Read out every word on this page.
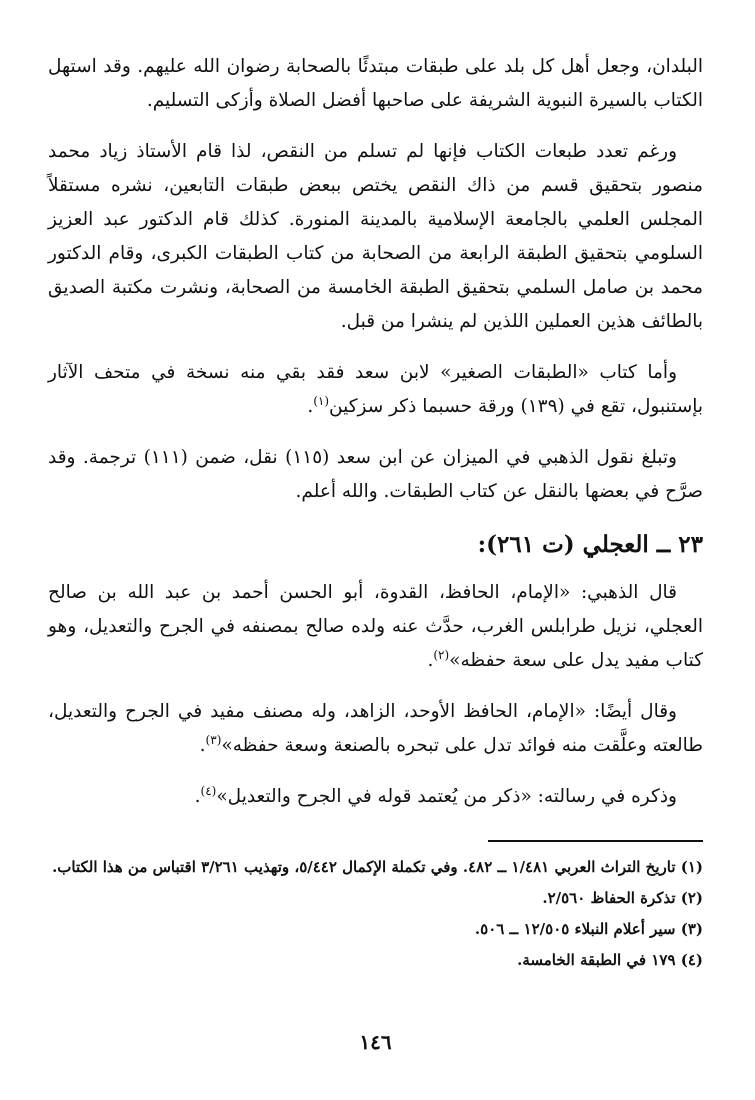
البلدان، وجعل أهل كل بلد على طبقات مبتدئًا بالصحابة رضوان الله عليهم. وقد استهل الكتاب بالسيرة النبوية الشريفة على صاحبها أفضل الصلاة وأزكى التسليم.

ورغم تعدد طبعات الكتاب فإنها لم تسلم من النقص، لذا قام الأستاذ زياد محمد منصور بتحقيق قسم من ذاك النقص يختص ببعض طبقات التابعين، نشره مستقلاً المجلس العلمي بالجامعة الإسلامية بالمدينة المنورة. كذلك قام الدكتور عبد العزيز السلومي بتحقيق الطبقة الرابعة من الصحابة من كتاب الطبقات الكبرى، وقام الدكتور محمد بن صامل السلمي بتحقيق الطبقة الخامسة من الصحابة، ونشرت مكتبة الصديق بالطائف هذين العملين اللذين لم ينشرا من قبل.

وأما كتاب «الطبقات الصغير» لابن سعد فقد بقي منه نسخة في متحف الآثار بإستنبول، تقع في (١٣٩) ورقة حسبما ذكر سزكين$^{(١)}$.

وتبلغ نقول الذهبي في الميزان عن ابن سعد (١١٥) نقل، ضمن (١١١) ترجمة. وقد صرَّح في بعضها بالنقل عن كتاب الطبقات. والله أعلم.

٢٣ ــ العجلي (ت ٢٦١):

قال الذهبي: «الإمام، الحافظ، القدوة، أبو الحسن أحمد بن عبد الله بن صالح العجلي، نزيل طرابلس الغرب، حدَّث عنه ولده صالح بمصنفه في الجرح والتعديل، وهو كتاب مفيد يدل على سعة حفظه»$^{(٢)}$.

وقال أيضًا: «الإمام، الحافظ الأوحد، الزاهد، وله مصنف مفيد في الجرح والتعديل، طالعته وعلَّقت منه فوائد تدل على تبحره بالصنعة وسعة حفظه»$^{(٣)}$.

وذكره في رسالته: «ذكر من يُعتمد قوله في الجرح والتعديل»$^{(٤)}$.

(١) تاريخ التراث العربي ١/٤٨١ ــ ٤٨٢. وفي تكملة الإكمال ٥/٤٤٢، وتهذيب ٣/٢٦١ اقتباس من هذا الكتاب.

(٢) تذكرة الحفاظ ٢/٥٦٠.

(٣) سير أعلام النبلاء ١٢/٥٠٥ ــ ٥٠٦.

(٤) ١٧٩ في الطبقة الخامسة.

١٤٦
